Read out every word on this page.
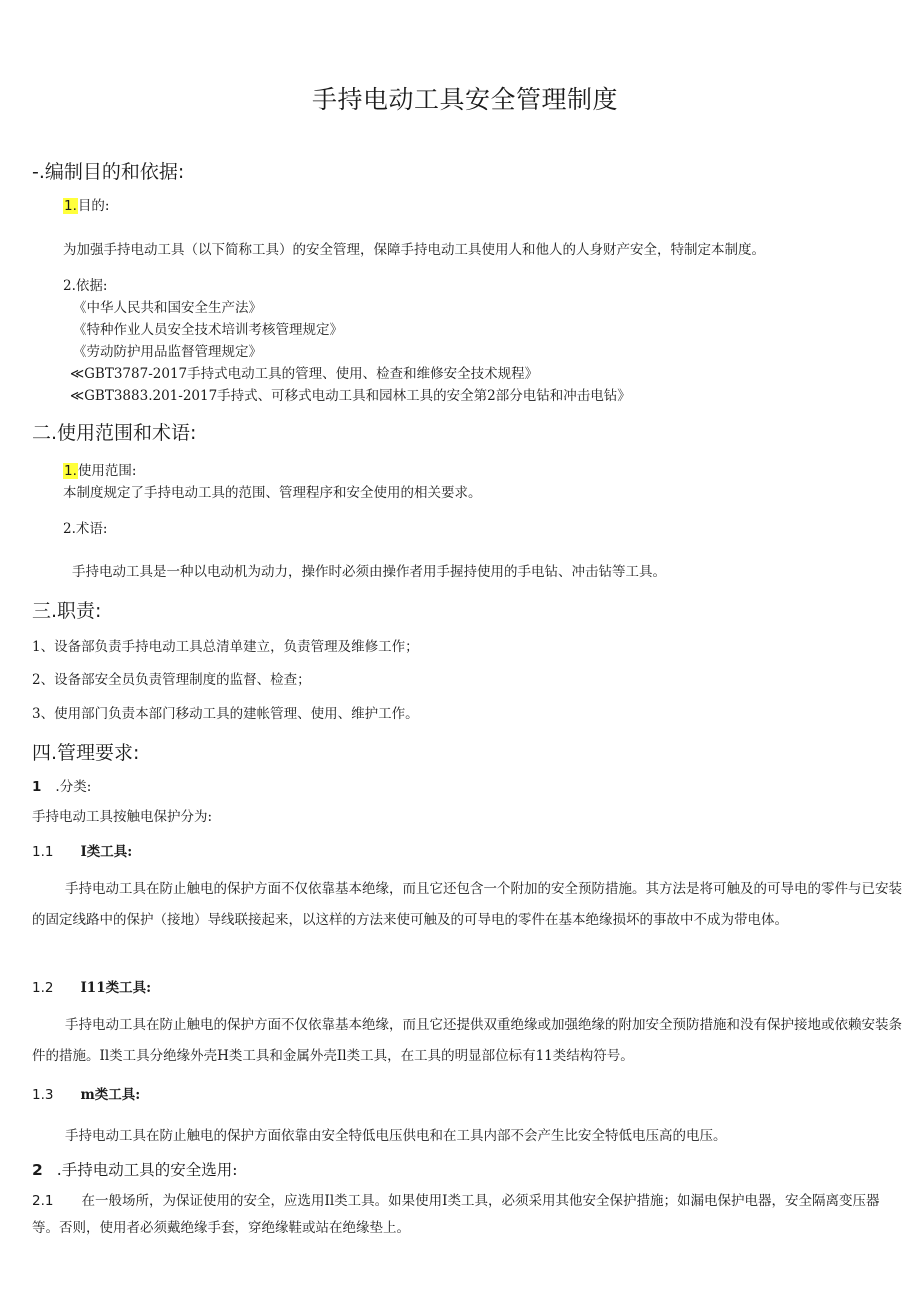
手持电动工具安全管理制度
-.编制目的和依据:
1.目的:
为加强手持电动工具（以下简称工具）的安全管理，保障手持电动工具使用人和他人的人身财产安全，特制定本制度。
2.依据:
《中华人民共和国安全生产法》
《特种作业人员安全技术培训考核管理规定》
《劳动防护用品监督管理规定》
≪GBT3787-2017手持式电动工具的管理、使用、检查和维修安全技术规程》
≪GBT3883.201-2017手持式、可移式电动工具和园林工具的安全第2部分电钻和冲击电钻》
二.使用范围和术语:
1.使用范围:
本制度规定了手持电动工具的范围、管理程序和安全使用的相关要求。
2.术语:
手持电动工具是一种以电动机为动力，操作时必须由操作者用手握持使用的手电钻、冲击钻等工具。
三.职责:
1、设备部负责手持电动工具总清单建立，负责管理及维修工作；
2、设备部安全员负责管理制度的监督、检查；
3、使用部门负责本部门移动工具的建帐管理、使用、维护工作。
四.管理要求:
1 .分类:
手持电动工具按触电保护分为:
1.1 I类工具:
手持电动工具在防止触电的保护方面不仅依靠基本绝缘，而且它还包含一个附加的安全预防措施。其方法是将可触及的可导电的零件与已安装的固定线路中的保护（接地）导线联接起来，以这样的方法来使可触及的可导电的零件在基本绝缘损坏的事故中不成为带电体。
1.2 I11类工具:
手持电动工具在防止触电的保护方面不仅依靠基本绝缘，而且它还提供双重绝缘或加强绝缘的附加安全预防措施和没有保护接地或依赖安装条件的措施。Il类工具分绝缘外壳H类工具和金属外壳Il类工具，在工具的明显部位标有11类结构符号。
1.3 m类工具:
手持电动工具在防止触电的保护方面依靠由安全特低电压供电和在工具内部不会产生比安全特低电压高的电压。
2 .手持电动工具的安全选用:
2.1 在一般场所，为保证使用的安全，应选用Il类工具。如果使用I类工具，必须采用其他安全保护措施；如漏电保护电器，安全隔离变压器等。否则，使用者必须戴绝缘手套，穿绝缘鞋或站在绝缘垫上。
